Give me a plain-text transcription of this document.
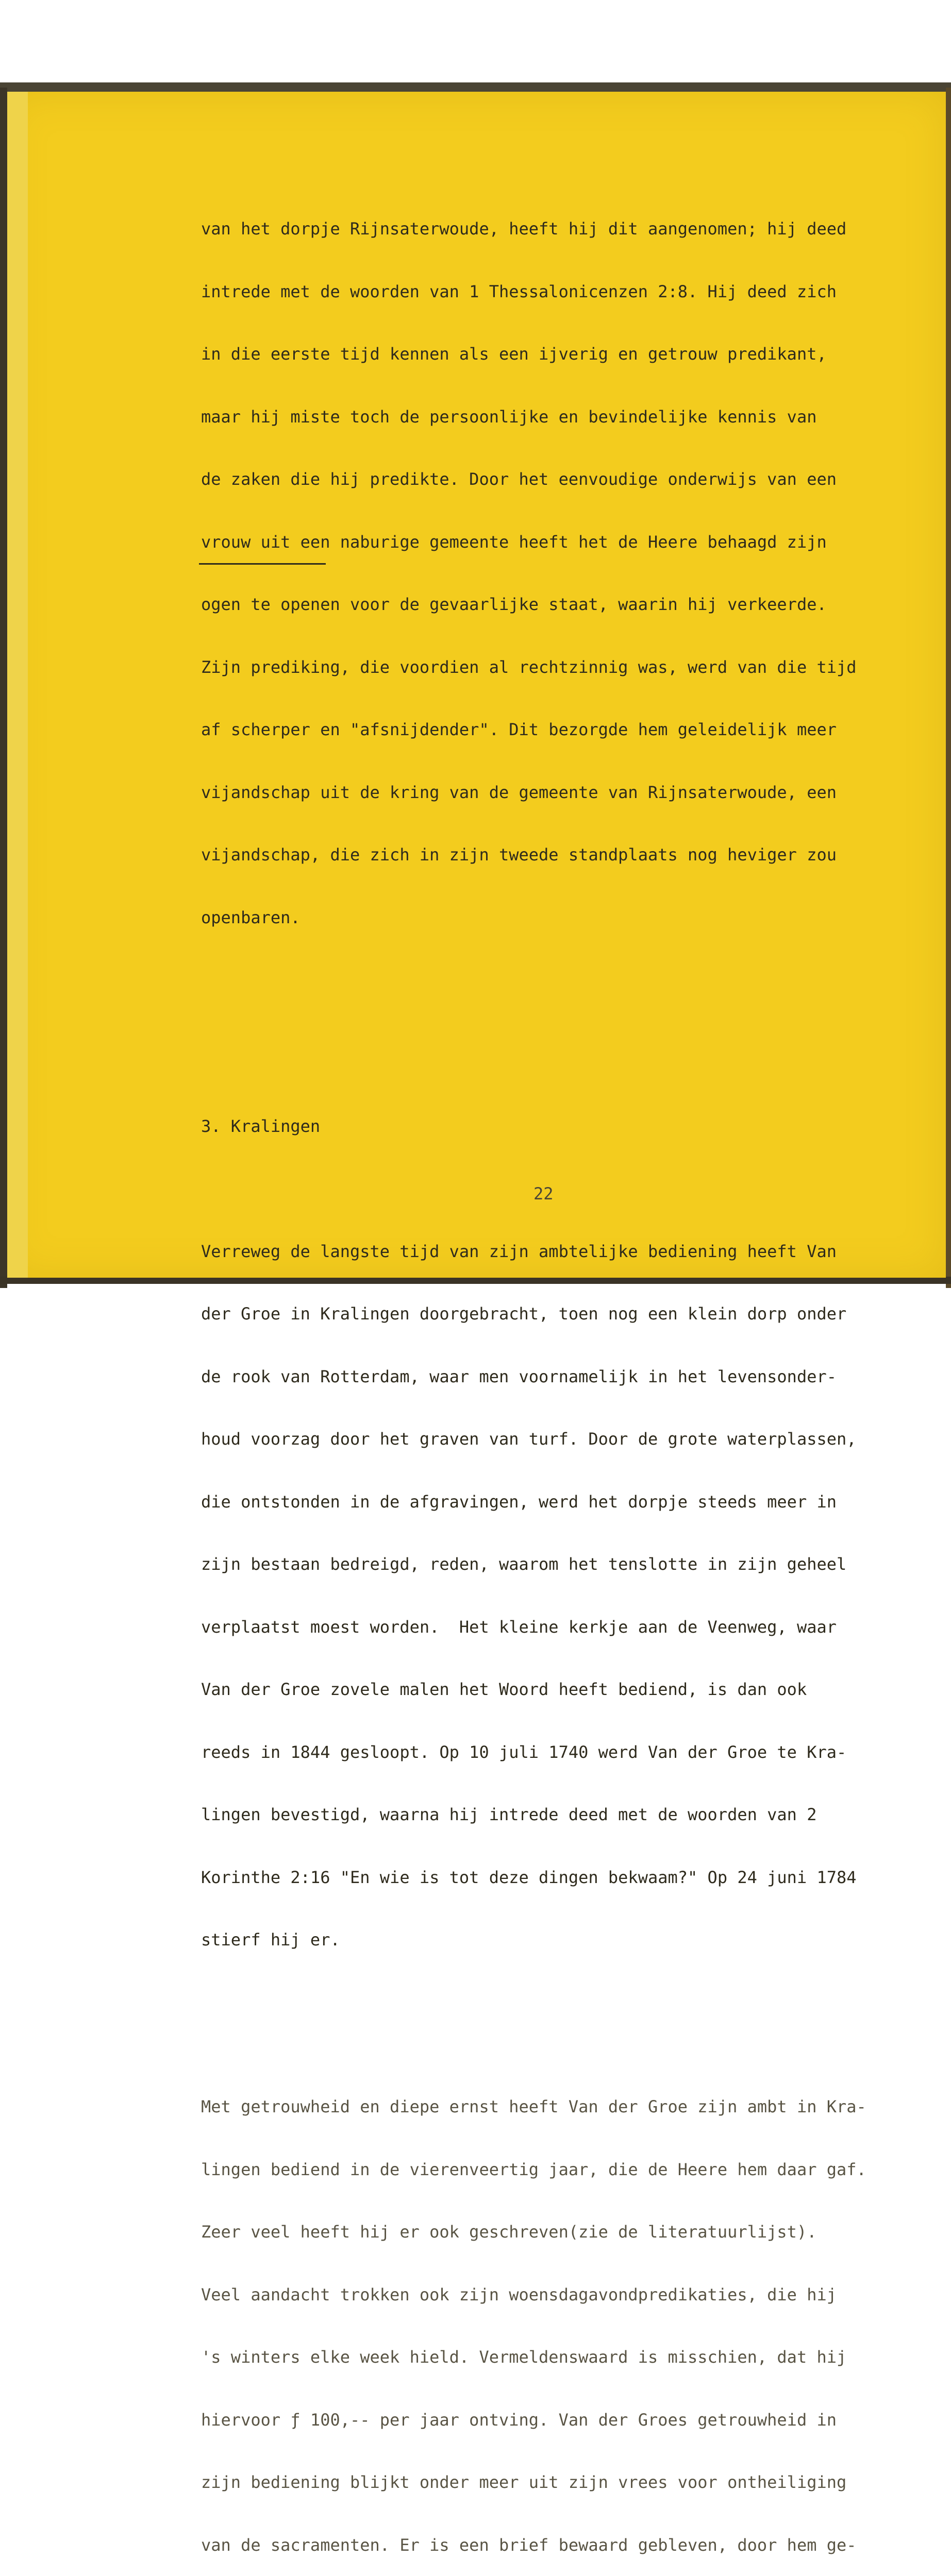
van het dorpje Rijnsaterwoude, heeft hij dit aangenomen; hij deed

intrede met de woorden van 1 Thessalonicenzen 2:8. Hij deed zich

in die eerste tijd kennen als een ijverig en getrouw predikant,

maar hij miste toch de persoonlijke en bevindelijke kennis van

de zaken die hij predikte. Door het eenvoudige onderwijs van een

vrouw uit een naburige gemeente heeft het de Heere behaagd zijn

ogen te openen voor de gevaarlijke staat, waarin hij verkeerde.

Zijn prediking, die voordien al rechtzinnig was, werd van die tijd

af scherper en "afsnijdender". Dit bezorgde hem geleidelijk meer

vijandschap uit de kring van de gemeente van Rijnsaterwoude, een

vijandschap, die zich in zijn tweede standplaats nog heviger zou

openbaren.

3. Kralingen

Verreweg de langste tijd van zijn ambtelijke bediening heeft Van

der Groe in Kralingen doorgebracht, toen nog een klein dorp onder

de rook van Rotterdam, waar men voornamelijk in het levensonder-

houd voorzag door het graven van turf. Door de grote waterplassen,

die ontstonden in de afgravingen, werd het dorpje steeds meer in

zijn bestaan bedreigd, reden, waarom het tenslotte in zijn geheel

verplaatst moest worden.  Het kleine kerkje aan de Veenweg, waar

Van der Groe zovele malen het Woord heeft bediend, is dan ook

reeds in 1844 gesloopt. Op 10 juli 1740 werd Van der Groe te Kra-

lingen bevestigd, waarna hij intrede deed met de woorden van 2

Korinthe 2:16 "En wie is tot deze dingen bekwaam?" Op 24 juni 1784

stierf hij er.

Met getrouwheid en diepe ernst heeft Van der Groe zijn ambt in Kra-

lingen bediend in de vierenveertig jaar, die de Heere hem daar gaf.

Zeer veel heeft hij er ook geschreven(zie de literatuurlijst).

Veel aandacht trokken ook zijn woensdagavondpredikaties, die hij

's winters elke week hield. Vermeldenswaard is misschien, dat hij

hiervoor ƒ 100,-- per jaar ontving. Van der Groes getrouwheid in

zijn bediening blijkt onder meer uit zijn vrees voor ontheiliging

van de sacramenten. Er is een brief bewaard gebleven, door hem ge-

22
